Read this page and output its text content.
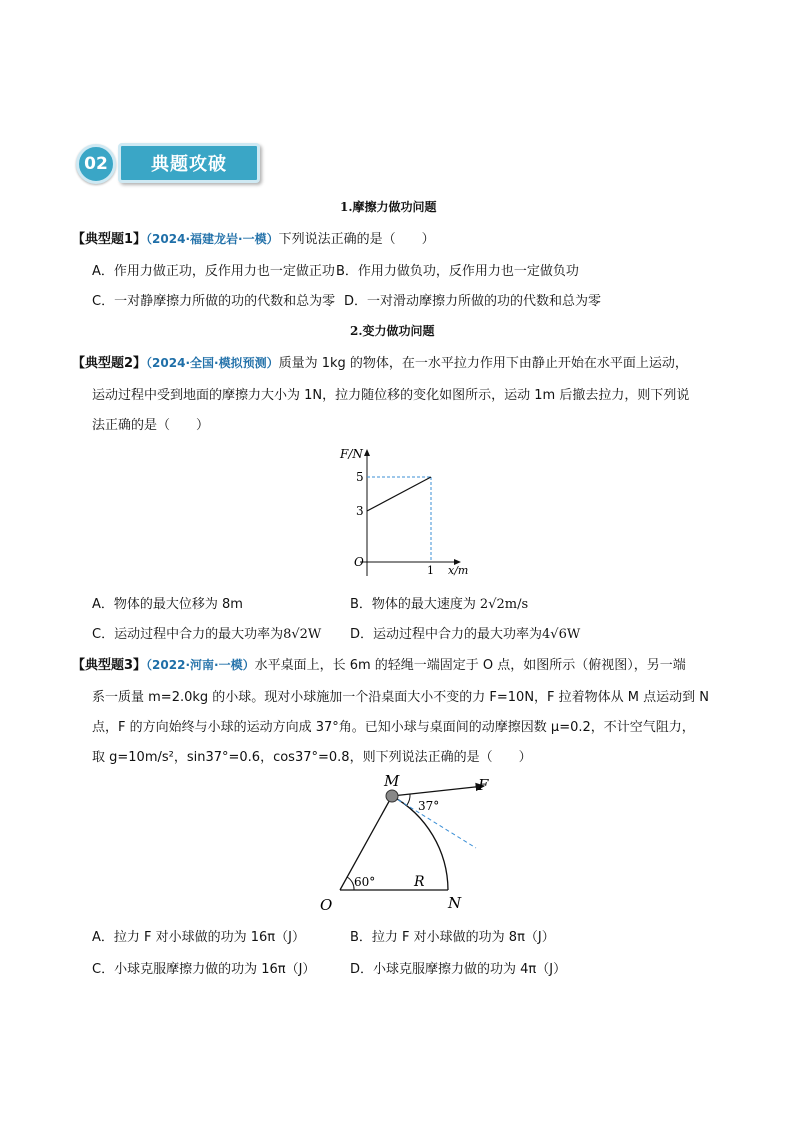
02	典题攻破
1.摩擦力做功问题
【典型题1】（2024·福建龙岩·一模）下列说法正确的是（　　）
A．作用力做正功，反作用力也一定做正功 B．作用力做负功，反作用力也一定做负功
C．一对静摩擦力所做的功的代数和总为零 D．一对滑动摩擦力所做的功的代数和总为零
2.变力做功问题
【典型题2】（2024·全国·模拟预测）质量为 1kg 的物体，在一水平拉力作用下由静止开始在水平面上运动，
运动过程中受到地面的摩擦力大小为 1N，拉力随位移的变化如图所示，运动 1m 后撤去拉力，则下列说
法正确的是（　　）
F/N
5
3
O
1 x/m
A．物体的最大位移为 8m	B．物体的最大速度为 2√2m/s
C．运动过程中合力的最大功率为8√2W D．运动过程中合力的最大功率为4√6W
【典型题3】（2022·河南·一模）水平桌面上，长 6m 的轻绳一端固定于 O 点，如图所示（俯视图），另一端
系一质量 m=2.0kg 的小球。现对小球施加一个沿桌面大小不变的力 F=10N，F 拉着物体从 M 点运动到 N
点，F 的方向始终与小球的运动方向成 37°角。已知小球与桌面间的动摩擦因数 μ=0.2，不计空气阻力，
取 g=10m/s²，sin37°=0.6，cos37°=0.8，则下列说法正确的是（　　）
M	F
37°
60°	R
O	N
A．拉力 F 对小球做的功为 16π（J）	B．拉力 F 对小球做的功为 8π（J）
C．小球克服摩擦力做的功为 16π（J）	D．小球克服摩擦力做的功为 4π（J）
